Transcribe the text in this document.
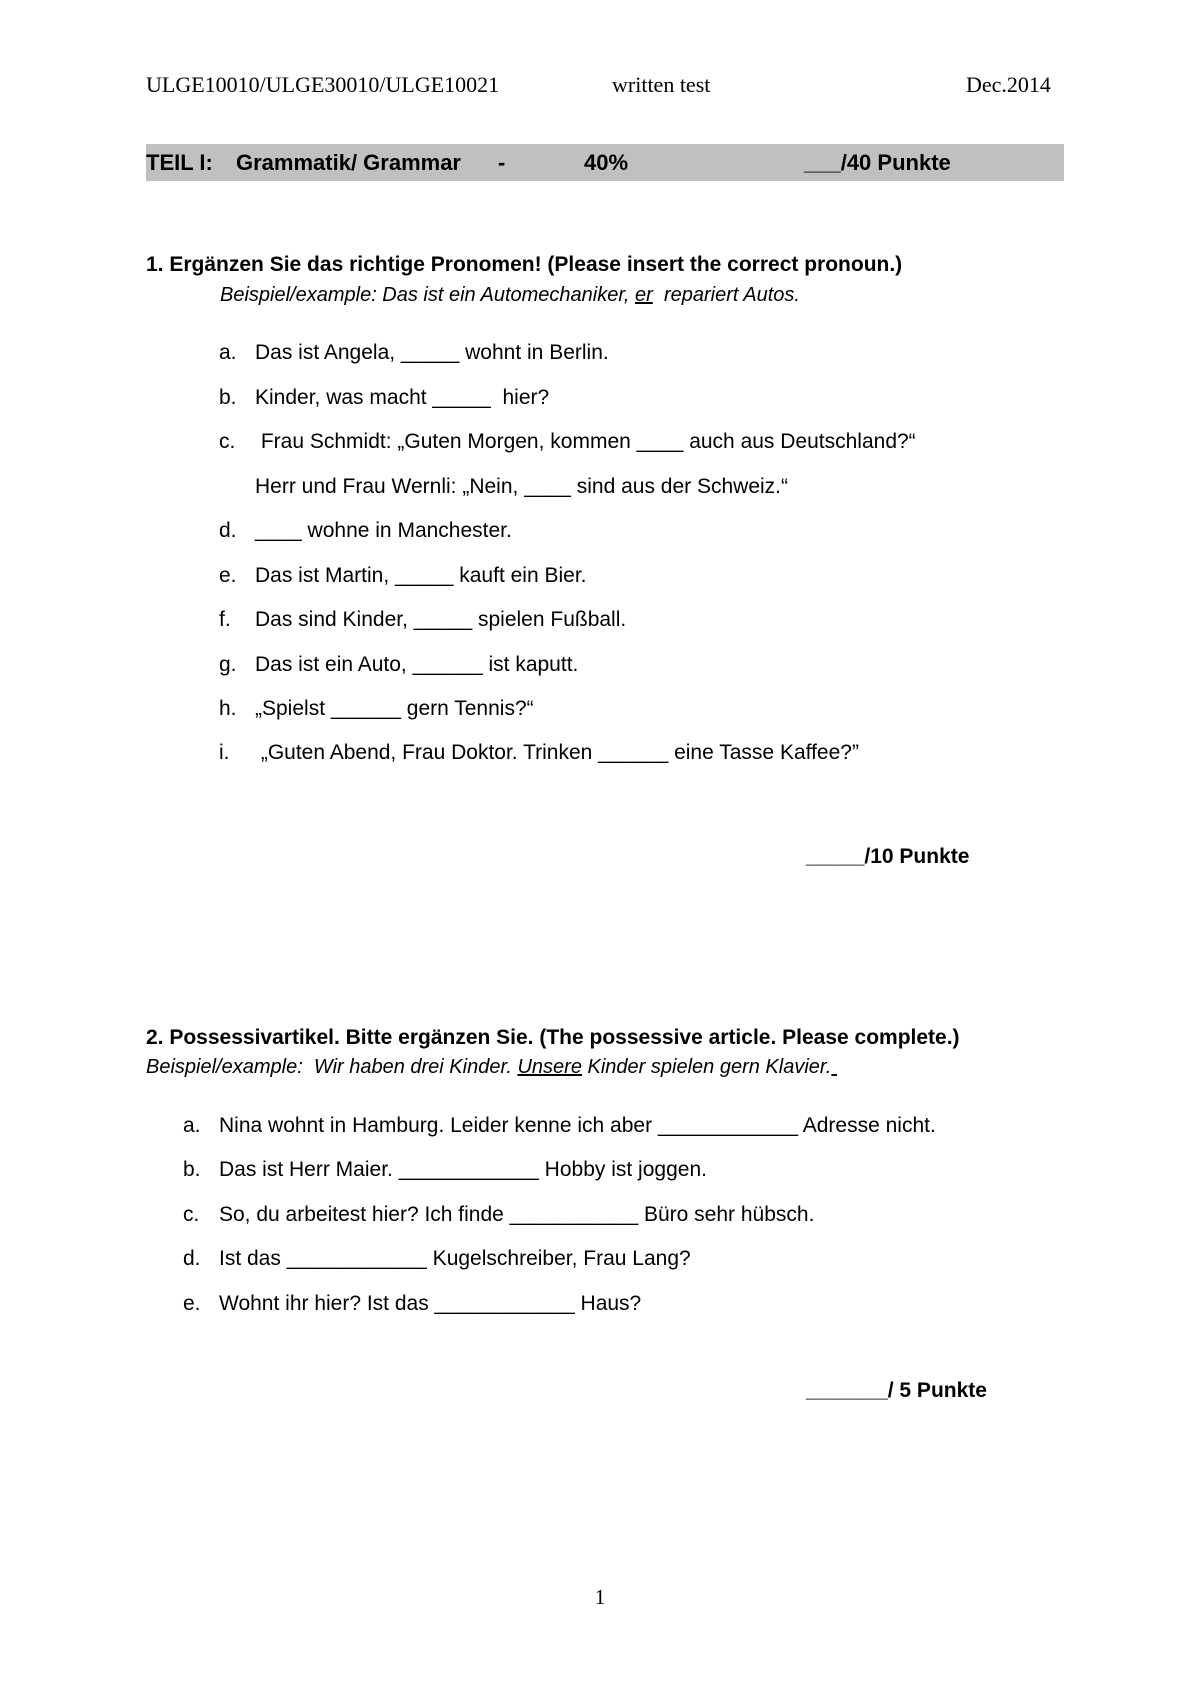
ULGE10010/ULGE30010/ULGE10021	written test	Dec.2014
TEIL I: Grammatik/ Grammar -	40%	___/40 Punkte
1. Ergänzen Sie das richtige Pronomen! (Please insert the correct pronoun.)
Beispiel/example: Das ist ein Automechaniker, er  repariert Autos.

a.

Das ist Angela, _____ wohnt in Berlin.

b.

Kinder, was macht _____  hier?

c.

Frau Schmidt: „Guten Morgen, kommen ____ auch aus Deutschland?“

Herr und Frau Wernli: „Nein, ____ sind aus der Schweiz.“

d.

____ wohne in Manchester.

e.

Das ist Martin, _____ kauft ein Bier.

f.

Das sind Kinder, _____ spielen Fußball.

g.

Das ist ein Auto, ______ ist kaputt.

h.

„Spielst ______ gern Tennis?“

i.

„Guten Abend, Frau Doktor. Trinken ______ eine Tasse Kaffee?”

_____/10 Punkte
2. Possessivartikel. Bitte ergänzen Sie. (The possessive article. Please complete.)
Beispiel/example:  Wir haben drei Kinder. Unsere Kinder spielen gern Klavier.

a.

Nina wohnt in Hamburg. Leider kenne ich aber ____________ Adresse nicht.

b.

Das ist Herr Maier. ____________ Hobby ist joggen.

c.

So, du arbeitest hier? Ich finde ___________ Büro sehr hübsch.

d.

Ist das ____________ Kugelschreiber, Frau Lang?

e.

Wohnt ihr hier? Ist das ____________ Haus?

_______/ 5 Punkte
1
